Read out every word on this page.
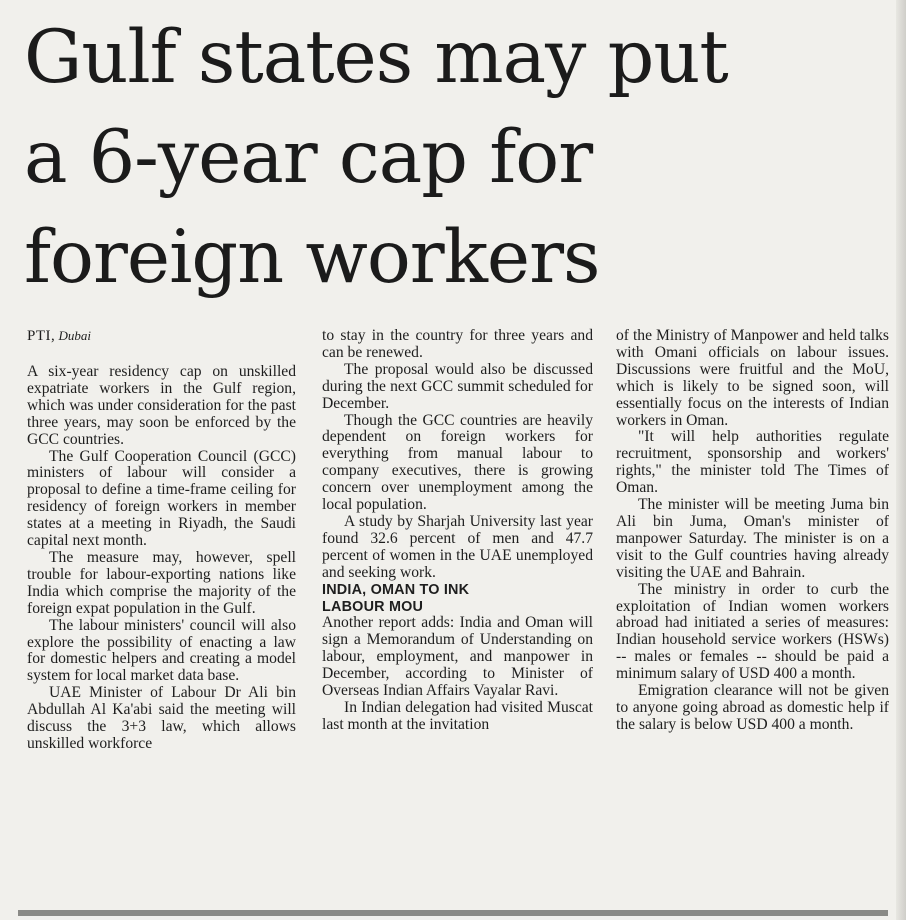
Gulf states may put
a 6-year cap for
foreign workers
PTI, Dubai

A six-year residency cap on unskilled expatriate workers in the Gulf region, which was under consideration for the past three years, may soon be enforced by the GCC countries.

The Gulf Cooperation Council (GCC) ministers of labour will consider a proposal to define a time-frame ceiling for residency of foreign workers in member states at a meeting in Riyadh, the Saudi capital next month.

The measure may, however, spell trouble for labour-exporting nations like India which comprise the majority of the foreign expat population in the Gulf.

The labour ministers' council will also explore the possibility of enacting a law for domestic helpers and creating a model system for local market data base.

UAE Minister of Labour Dr Ali bin Abdullah Al Ka'abi said the meeting will discuss the 3+3 law, which allows unskilled workforce

to stay in the country for three years and can be renewed.

The proposal would also be discussed during the next GCC summit scheduled for December.

Though the GCC countries are heavily dependent on foreign workers for everything from manual labour to company executives, there is growing concern over unemployment among the local population.

A study by Sharjah University last year found 32.6 percent of men and 47.7 percent of women in the UAE unemployed and seeking work.

INDIA, OMAN TO INK
LABOUR MOU

Another report adds: India and Oman will sign a Memorandum of Understanding on labour, employment, and manpower in December, according to Minister of Overseas Indian Affairs Vayalar Ravi.

In Indian delegation had visited Muscat last month at the invitation

of the Ministry of Manpower and held talks with Omani officials on labour issues. Discussions were fruitful and the MoU, which is likely to be signed soon, will essentially focus on the interests of Indian workers in Oman.

"It will help authorities regulate recruitment, sponsorship and workers' rights," the minister told The Times of Oman.

The minister will be meeting Juma bin Ali bin Juma, Oman's minister of manpower Saturday. The minister is on a visit to the Gulf countries having already visiting the UAE and Bahrain.

The ministry in order to curb the exploitation of Indian women workers abroad had initiated a series of measures: Indian household service workers (HSWs) -- males or females -- should be paid a minimum salary of USD 400 a month.

Emigration clearance will not be given to anyone going abroad as domestic help if the salary is below USD 400 a month.
